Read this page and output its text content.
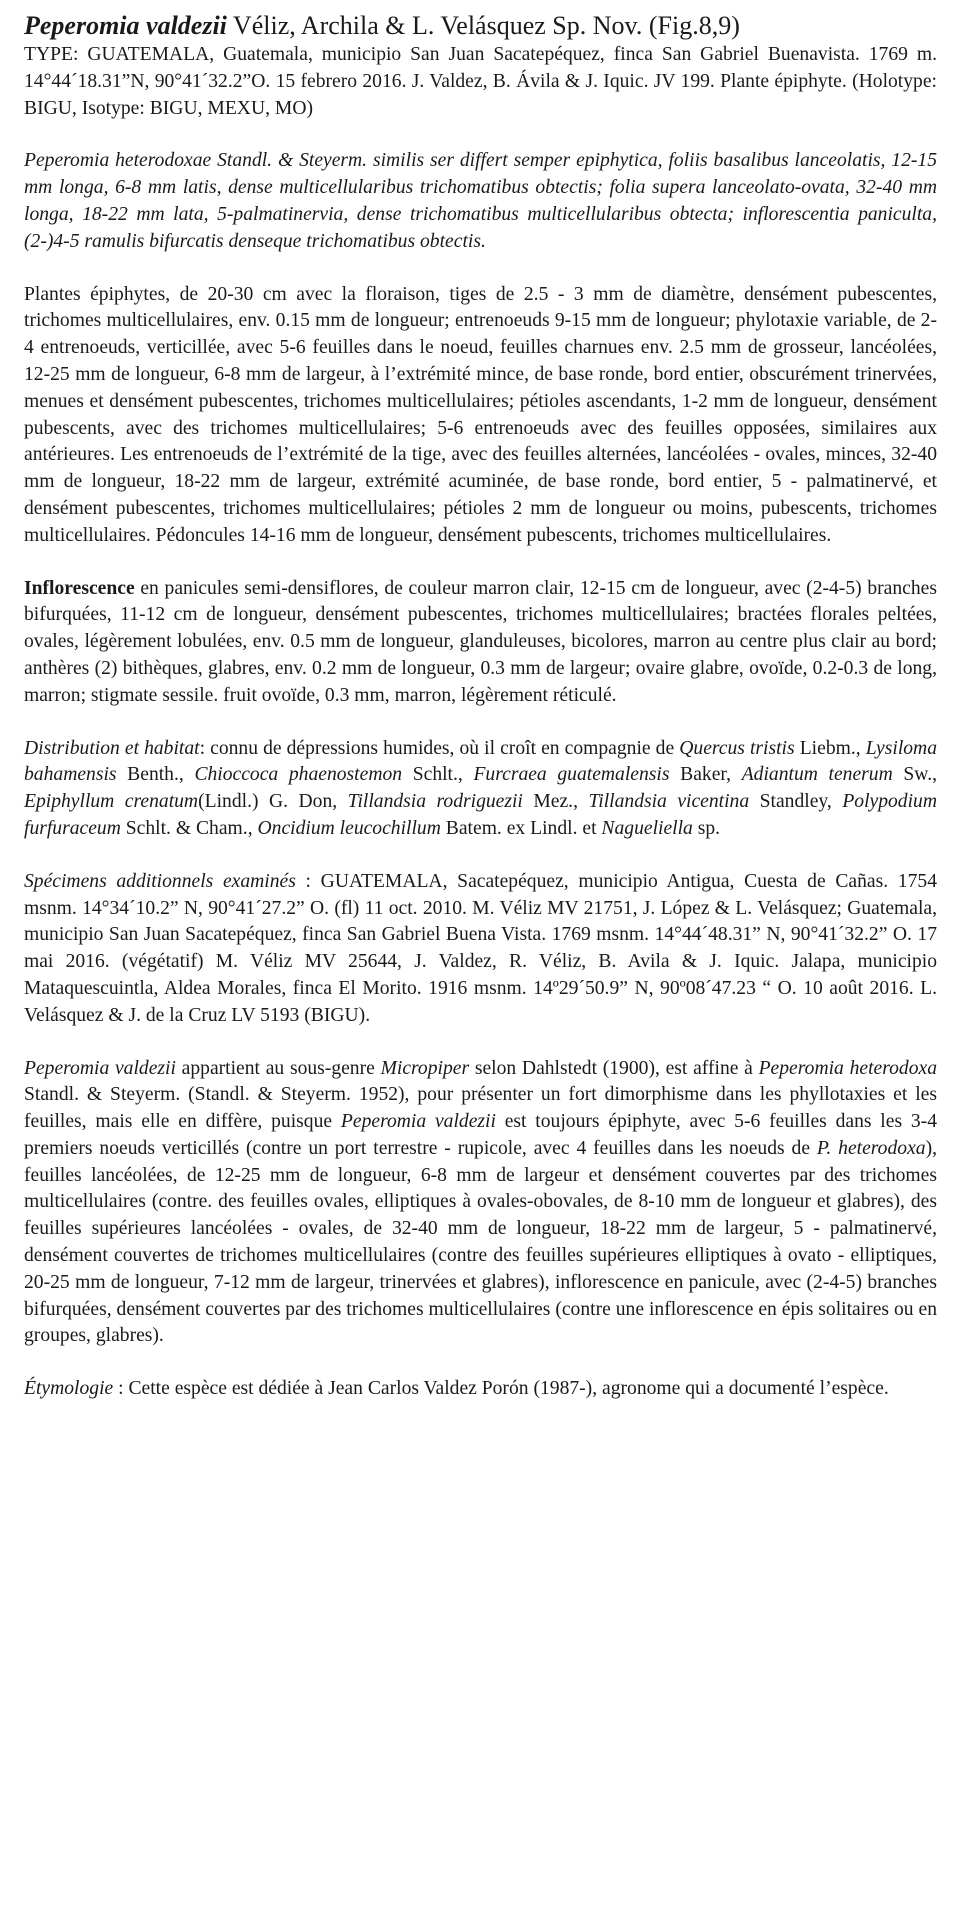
Peperomia valdezii Véliz, Archila & L. Velásquez Sp. Nov. (Fig.8,9)

TYPE: GUATEMALA, Guatemala, municipio San Juan Sacatepéquez, finca San Gabriel Buenavista. 1769 m. 14°44´18.31”N, 90°41´32.2”O. 15 febrero 2016. J. Valdez, B. Ávila & J. Iquic. JV 199. Plante épiphyte. (Holotype: BIGU, Isotype: BIGU, MEXU, MO)

Peperomia heterodoxae Standl. & Steyerm. similis ser differt semper epiphytica, foliis basalibus lanceolatis, 12-15 mm longa, 6-8 mm latis, dense multicellularibus trichomatibus obtectis; folia supera lanceolato-ovata, 32-40 mm longa, 18-22 mm lata, 5-palmatinervia, dense trichomatibus multicellularibus obtecta; inflorescentia paniculta, (2-)4-5 ramulis bifurcatis denseque trichomatibus obtectis.

Plantes épiphytes, de 20-30 cm avec la floraison, tiges de 2.5 - 3 mm de diamètre, densément pubescentes, trichomes multicellulaires, env. 0.15 mm de longueur; entrenoeuds 9-15 mm de longueur; phylotaxie variable, de 2-4 entrenoeuds, verticillée, avec 5-6 feuilles dans le noeud, feuilles charnues env. 2.5 mm de grosseur, lancéolées, 12-25 mm de longueur, 6-8 mm de largeur, à l’extrémité mince, de base ronde, bord entier, obscurément trinervées, menues et densément pubescentes, trichomes multicellulaires; pétioles ascendants, 1-2 mm de longueur, densément pubescents, avec des trichomes multicellulaires; 5-6 entrenoeuds avec des feuilles opposées, similaires aux antérieures. Les entrenoeuds de l’extrémité de la tige, avec des feuilles alternées, lancéolées - ovales, minces, 32-40 mm de longueur, 18-22 mm de largeur, extrémité acuminée, de base ronde, bord entier, 5 - palmatinervé, et densément pubescentes, trichomes multicellulaires; pétioles 2 mm de longueur ou moins, pubescents, trichomes multicellulaires. Pédoncules 14-16 mm de longueur, densément pubescents, trichomes multicellulaires.

Inflorescence en panicules semi-densiflores, de couleur marron clair, 12-15 cm de longueur, avec (2-4-5) branches bifurquées, 11-12 cm de longueur, densément pubescentes, trichomes multicellulaires; bractées florales peltées, ovales, légèrement lobulées, env. 0.5 mm de longueur, glanduleuses, bicolores, marron au centre plus clair au bord; anthères (2) bithèques, glabres, env. 0.2 mm de longueur, 0.3 mm de largeur; ovaire glabre, ovoïde, 0.2-0.3 de long, marron; stigmate sessile. fruit ovoïde, 0.3 mm, marron, légèrement réticulé.

Distribution et habitat: connu de dépressions humides, où il croît en compagnie de Quercus tristis Liebm., Lysiloma bahamensis Benth., Chioccoca phaenostemon Schlt., Furcraea guatemalensis Baker, Adiantum tenerum Sw., Epiphyllum crenatum(Lindl.) G. Don, Tillandsia rodriguezii Mez., Tillandsia vicentina Standley, Polypodium furfuraceum Schlt. & Cham., Oncidium leucochillum Batem. ex Lindl. et Nagueliella sp.

Spécimens additionnels examinés : GUATEMALA, Sacatepéquez, municipio Antigua, Cuesta de Cañas. 1754 msnm. 14°34´10.2” N, 90°41´27.2” O. (fl) 11 oct. 2010. M. Véliz MV 21751, J. López & L. Velásquez; Guatemala, municipio San Juan Sacatepéquez, finca San Gabriel Buena Vista. 1769 msnm. 14°44´48.31” N, 90°41´32.2” O. 17 mai 2016. (végétatif) M. Véliz MV 25644, J. Valdez, R. Véliz, B. Avila & J. Iquic. Jalapa, municipio Mataquescuintla, Aldea Morales, finca El Morito. 1916 msnm. 14º29´50.9” N, 90º08´47.23 “ O. 10 août 2016. L. Velásquez & J. de la Cruz LV 5193 (BIGU).

Peperomia valdezii appartient au sous-genre Micropiper selon Dahlstedt (1900), est affine à Peperomia heterodoxa Standl. & Steyerm. (Standl. & Steyerm. 1952), pour présenter un fort dimorphisme dans les phyllotaxies et les feuilles, mais elle en diffère, puisque Peperomia valdezii est toujours épiphyte, avec 5-6 feuilles dans les 3-4 premiers noeuds verticillés (contre un port terrestre - rupicole, avec 4 feuilles dans les noeuds de P. heterodoxa), feuilles lancéolées, de 12-25 mm de longueur, 6-8 mm de largeur et densément couvertes par des trichomes multicellulaires (contre. des feuilles ovales, elliptiques à ovales-obovales, de 8-10 mm de longueur et glabres), des feuilles supérieures lancéolées - ovales, de 32-40 mm de longueur, 18-22 mm de largeur, 5 - palmatinervé, densément couvertes de trichomes multicellulaires (contre des feuilles supérieures elliptiques à ovato - elliptiques, 20-25 mm de longueur, 7-12 mm de largeur, trinervées et glabres), inflorescence en panicule, avec (2-4-5) branches bifurquées, densément couvertes par des trichomes multicellulaires (contre une inflorescence en épis solitaires ou en groupes, glabres).

Étymologie : Cette espèce est dédiée à Jean Carlos Valdez Porón (1987-), agronome qui a documenté l’espèce.
